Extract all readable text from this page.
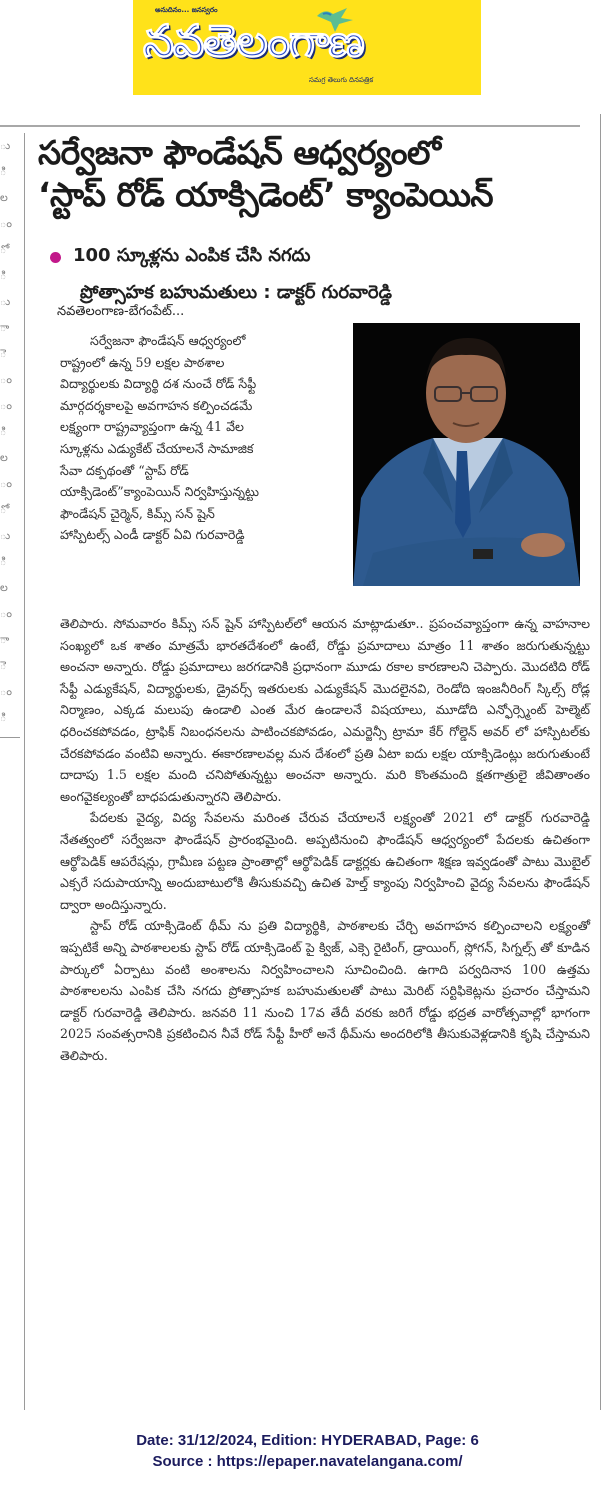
అనుదినం... జనస్వరం
నవతెలంగాణ
సమగ్ర తెలుగు దినపత్రిక
ు
ి
ల
ం
ో
ి
ు
ా
ె
ం
ం
ి
ల
ం
ో
ు
ి
ల
ం
ా
ె
ం
ి
సర్వేజనా ఫౌండేషన్ ఆధ్వర్యంలో
‘స్టాప్ రోడ్ యాక్సిడెంట్’ క్యాంపెయిన్
100 స్కూళ్లను ఎంపిక చేసి నగదు
ప్రోత్సాహక బహుమతులు : డాక్టర్ గురవారెడ్డి
నవతెలంగాణ-బేగంపేట్...

సర్వేజనా ఫౌండేషన్ ఆధ్వర్యంలో

రాష్ట్రంలో ఉన్న 59 లక్షల పాఠశాల

విద్యార్థులకు విద్యార్థి దశ నుంచే రోడ్ సేఫ్టీ

మార్గదర్శకాలపై అవగాహన కల్పించడమే

లక్ష్యంగా రాష్ట్రవ్యాప్తంగా ఉన్న 41 వేల

స్కూళ్లను ఎడ్యుకేట్ చేయాలనే సామాజిక

సేవా దక్పథంతో “స్టాప్ రోడ్

యాక్సిడెంట్”క్యాంపెయిన్ నిర్వహిస్తున్నట్టు

ఫౌండేషన్ చైర్మెన్, కిమ్స్ సన్ షైన్

హాస్పిటల్స్ ఎండీ డాక్టర్ ఏవి గురవారెడ్డి

తెలిపారు. సోమవారం కిమ్స్ సన్ షైన్ హాస్పిటల్‌లో ఆయన మాట్లాడుతూ.. ప్రపంచవ్యాప్తంగా ఉన్న వాహనాల సంఖ్యలో ఒక శాతం మాత్రమే భారతదేశంలో ఉంటే, రోడ్డు ప్రమాదాలు మాత్రం 11 శాతం జరుగుతున్నట్టు అంచనా అన్నారు. రోడ్డు ప్రమాదాలు జరగడానికి ప్రధానంగా మూడు రకాల కారణాలని చెప్పారు. మొదటిది రోడ్ సేఫ్టీ ఎడ్యుకేషన్, విద్యార్థులకు, డ్రైవర్స్ ఇతరులకు ఎడ్యుకేషన్ మొదలైనవి, రెండోది ఇంజనీరింగ్ స్కిల్స్ రోడ్ల నిర్మాణం, ఎక్కడ మలుపు ఉండాలి ఎంత మేర ఉండాలనే విషయాలు, మూడోది ఎన్ఫోర్స్మెంట్ హెల్మెట్ ధరించకపోవడం, ట్రాఫిక్ నిబంధనలను పాటించకపోవడం, ఎమర్జెన్సీ ట్రామా కేర్ గోల్డెన్ అవర్ లో హాస్పిటల్‌కు చేరకపోవడం వంటివి అన్నారు. ఈకారణాలవల్ల మన దేశంలో ప్రతి ఏటా ఐదు లక్షల యాక్సిడెంట్లు జరుగుతుంటే దాదాపు 1.5 లక్షల మంది చనిపోతున్నట్టు అంచనా అన్నారు. మరి కొంతమంది క్షతగాత్రులై జీవితాంతం అంగవైకల్యంతో బాధపడుతున్నారని తెలిపారు.

పేదలకు వైద్య, విద్య సేవలను మరింత చేరువ చేయాలనే లక్ష్యంతో 2021 లో డాక్టర్ గురవారెడ్డి నేతత్వంలో సర్వేజనా ఫౌండేషన్ ప్రారంభమైంది. అప్పటినుంచి ఫౌండేషన్ ఆధ్వర్యంలో పేదలకు ఉచితంగా ఆర్థోపెడిక్ ఆపరేషన్లు, గ్రామీణ పట్టణ ప్రాంతాల్లో ఆర్థోపెడిక్ డాక్టర్లకు ఉచితంగా శిక్షణ ఇవ్వడంతో పాటు మొబైల్ ఎక్సరే సదుపాయాన్ని అందుబాటులోకి తీసుకువచ్చి ఉచిత హెల్త్ క్యాంపు నిర్వహించి వైద్య సేవలను ఫౌండేషన్ ద్వారా అందిస్తున్నారు.

స్టాప్ రోడ్ యాక్సిడెంట్ థీమ్ ను ప్రతి విద్యార్థికి, పాఠశాలకు చేర్చి అవగాహన కల్పించాలని లక్ష్యంతో ఇప్పటికే అన్ని పాఠశాలలకు స్టాప్ రోడ్ యాక్సిడెంట్ పై క్విజ్, ఎక్సె రైటింగ్, డ్రాయింగ్, స్లోగన్, సిగ్నల్స్ తో కూడిన పార్కులో ఏర్పాటు వంటి అంశాలను నిర్వహించాలని సూచించింది. ఉగాది పర్వదినాన 100 ఉత్తమ పాఠశాలలను ఎంపిక చేసి నగదు ప్రోత్సాహక బహుమతులతో పాటు మెరిట్ సర్టిఫికెట్లను ప్రచారం చేస్తామని డాక్టర్ గురవారెడ్డి తెలిపారు. జనవరి 11 నుంచి 17వ తేదీ వరకు జరిగే రోడ్డు భద్రత వారోత్సవాల్లో భాగంగా 2025 సంవత్సరానికి ప్రకటించిన నీవే రోడ్ సేఫ్టీ హీరో అనే థీమ్‌ను అందరిలోకి తీసుకువెళ్లడానికి కృషి చేస్తామని తెలిపారు.

Date: 31/12/2024, Edition: HYDERABAD, Page: 6
Source : https://epaper.navatelangana.com/
